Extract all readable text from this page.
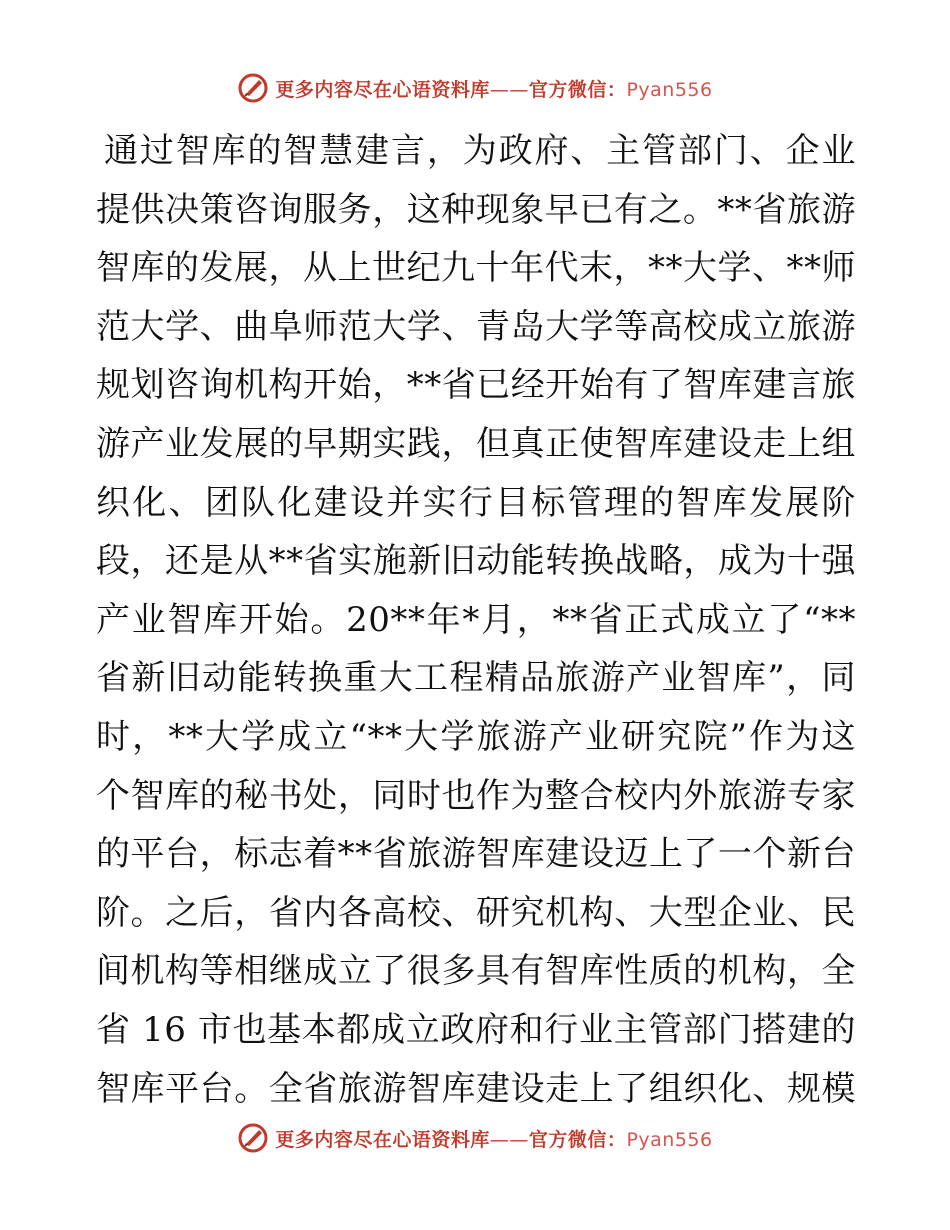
更多内容尽在心语资料库——官方微信：Pyan556
通过智库的智慧建言，为政府、主管部门、企业
提供决策咨询服务，这种现象早已有之。**省旅游
智库的发展，从上世纪九十年代末，**大学、**师
范大学、曲阜师范大学、青岛大学等高校成立旅游
规划咨询机构开始，**省已经开始有了智库建言旅
游产业发展的早期实践，但真正使智库建设走上组
织化、团队化建设并实行目标管理的智库发展阶
段，还是从**省实施新旧动能转换战略，成为十强
产业智库开始。20**年*月，**省正式成立了“**
省新旧动能转换重大工程精品旅游产业智库”，同
时，**大学成立“**大学旅游产业研究院”作为这
个智库的秘书处，同时也作为整合校内外旅游专家
的平台，标志着**省旅游智库建设迈上了一个新台
阶。之后，省内各高校、研究机构、大型企业、民
间机构等相继成立了很多具有智库性质的机构，全
省 16 市也基本都成立政府和行业主管部门搭建的
智库平台。全省旅游智库建设走上了组织化、规模
更多内容尽在心语资料库——官方微信：Pyan556
